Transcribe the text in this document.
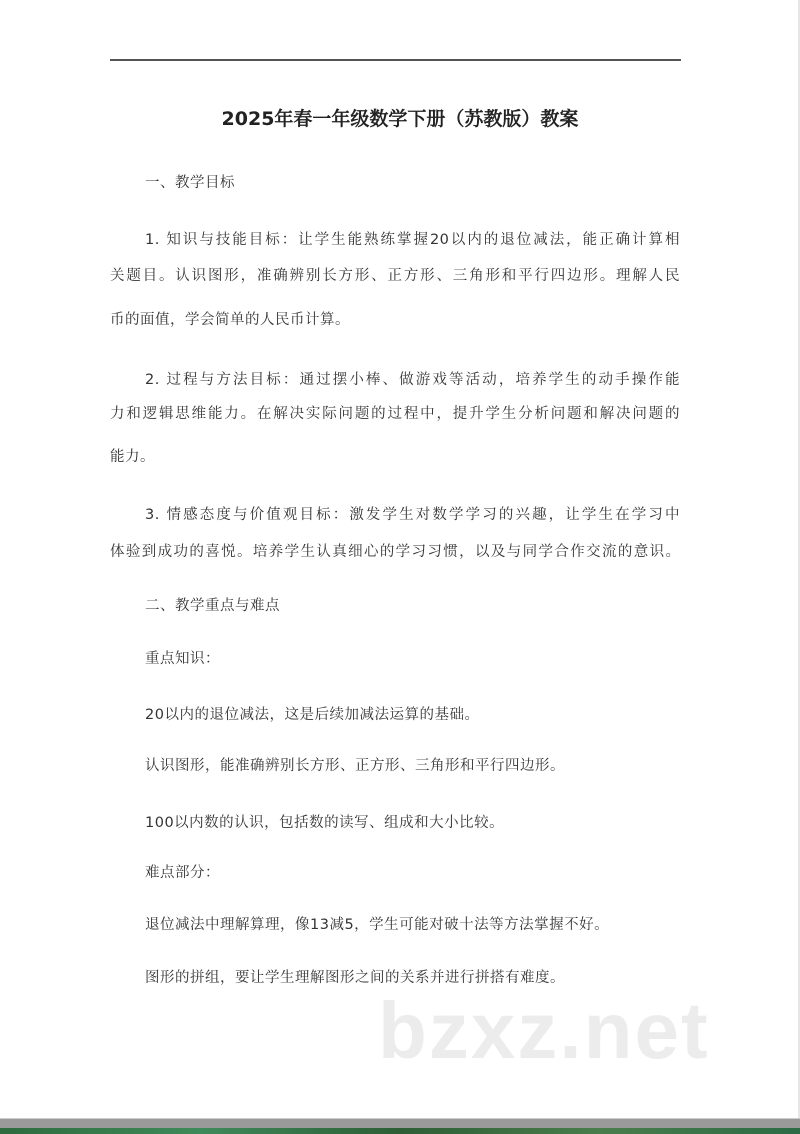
2025年春一年级数学下册（苏教版）教案
一、教学目标
1. 知识与技能目标：让学生能熟练掌握20以内的退位减法，能正确计算相
关题目。认识图形，准确辨别长方形、正方形、三角形和平行四边形。理解人民
币的面值，学会简单的人民币计算。
2. 过程与方法目标：通过摆小棒、做游戏等活动，培养学生的动手操作能
力和逻辑思维能力。在解决实际问题的过程中，提升学生分析问题和解决问题的
能力。
3. 情感态度与价值观目标：激发学生对数学学习的兴趣，让学生在学习中
体验到成功的喜悦。培养学生认真细心的学习习惯，以及与同学合作交流的意识。
二、教学重点与难点
重点知识：
20以内的退位减法，这是后续加减法运算的基础。
认识图形，能准确辨别长方形、正方形、三角形和平行四边形。
100以内数的认识，包括数的读写、组成和大小比较。
难点部分：
退位减法中理解算理，像13减5，学生可能对破十法等方法掌握不好。
图形的拼组，要让学生理解图形之间的关系并进行拼搭有难度。
bzxz.net
